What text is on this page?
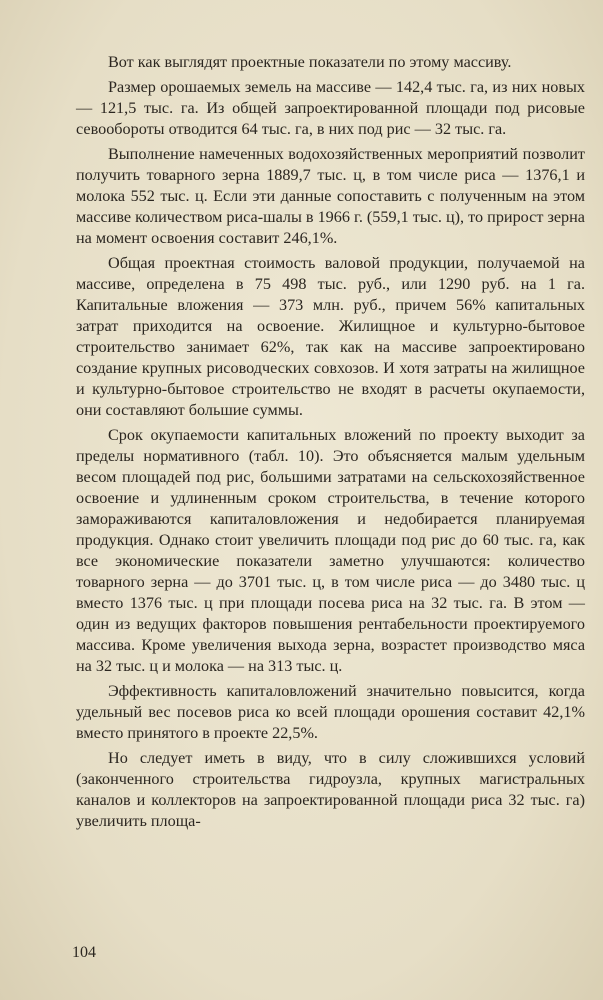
Вот как выглядят проектные показатели по этому массиву.

Размер орошаемых земель на массиве — 142,4 тыс. га, из них новых — 121,5 тыс. га. Из общей запроектированной площади под рисовые севообороты отводится 64 тыс. га, в них под рис — 32 тыс. га.

Выполнение намеченных водохозяйственных мероприятий позволит получить товарного зерна 1889,7 тыс. ц, в том числе риса — 1376,1 и молока 552 тыс. ц. Если эти данные сопоставить с полученным на этом массиве количеством риса-шалы в 1966 г. (559,1 тыс. ц), то прирост зерна на момент освоения составит 246,1%.

Общая проектная стоимость валовой продукции, получаемой на массиве, определена в 75 498 тыс. руб., или 1290 руб. на 1 га. Капитальные вложения — 373 млн. руб., причем 56% капитальных затрат приходится на освоение. Жилищное и культурно-бытовое строительство занимает 62%, так как на массиве запроектировано создание крупных рисоводческих совхозов. И хотя затраты на жилищное и культурно-бытовое строительство не входят в расчеты окупаемости, они составляют большие суммы.

Срок окупаемости капитальных вложений по проекту выходит за пределы нормативного (табл. 10). Это объясняется малым удельным весом площадей под рис, большими затратами на сельскохозяйственное освоение и удлиненным сроком строительства, в течение которого замораживаются капиталовложения и недобирается планируемая продукция. Однако стоит увеличить площади под рис до 60 тыс. га, как все экономические показатели заметно улучшаются: количество товарного зерна — до 3701 тыс. ц, в том числе риса — до 3480 тыс. ц вместо 1376 тыс. ц при площади посева риса на 32 тыс. га. В этом — один из ведущих факторов повышения рентабельности проектируемого массива. Кроме увеличения выхода зерна, возрастет производство мяса на 32 тыс. ц и молока — на 313 тыс. ц.

Эффективность капиталовложений значительно повысится, когда удельный вес посевов риса ко всей площади орошения составит 42,1% вместо принятого в проекте 22,5%.

Но следует иметь в виду, что в силу сложившихся условий (законченного строительства гидроузла, крупных магистральных каналов и коллекторов на запроектированной площади риса 32 тыс. га) увеличить площа-

104
